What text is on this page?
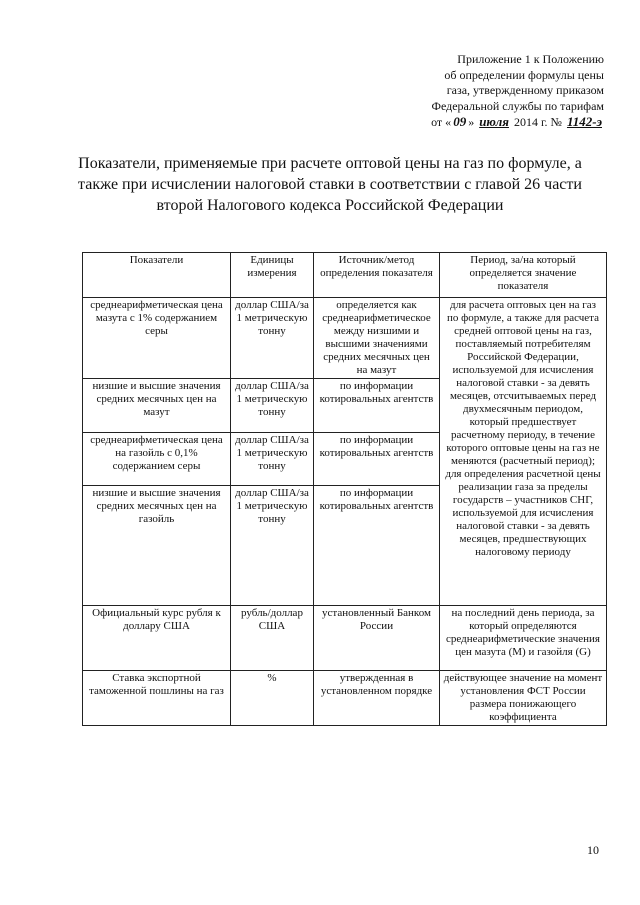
Приложение 1 к Положению
об определении формулы цены
газа, утвержденному приказом
Федеральной службы по тарифам
от « 09 » июля 2014 г. № 1142-э
Показатели, применяемые при расчете оптовой цены на газ по формуле, а
также при исчислении налоговой ставки в соответствии с главой 26 части
второй Налогового кодекса Российской Федерации
Показатели	Единицы измерения	Источник/метод определения показателя	Период, за/на который определяется значение показателя
среднеарифметическая цена мазута с 1% содержанием серы	доллар США/за 1 метрическую тонну	определяется как среднеарифметическое между низшими и высшими значениями средних месячных цен на мазут	для расчета оптовых цен на газ по формуле, а также для расчета средней оптовой цены на газ, поставляемый потребителям Российской Федерации, используемой для исчисления налоговой ставки - за девять месяцев, отсчитываемых перед двухмесячным периодом, который предшествует расчетному периоду, в течение которого оптовые цены на газ не меняются (расчетный период); для определения расчетной цены реализации газа за пределы государств – участников СНГ, используемой для исчисления налоговой ставки - за девять месяцев, предшествующих налоговому периоду
низшие и высшие значения средних месячных цен на мазут	доллар США/за 1 метрическую тонну	по информации котировальных агентств	
среднеарифметическая цена на газойль с 0,1% содержанием серы	доллар США/за 1 метрическую тонну	по информации котировальных агентств	
низшие и высшие значения средних месячных цен на газойль	доллар США/за 1 метрическую тонну	по информации котировальных агентств	
Официальный курс рубля к доллару США	рубль/доллар США	установленный Банком России	на последний день периода, за который определяются среднеарифметические значения цен мазута (M) и газойля (G)
Ставка экспортной таможенной пошлины на газ	%	утвержденная в установленном порядке	действующее значение на момент установления ФСТ России размера понижающего коэффициента
10
